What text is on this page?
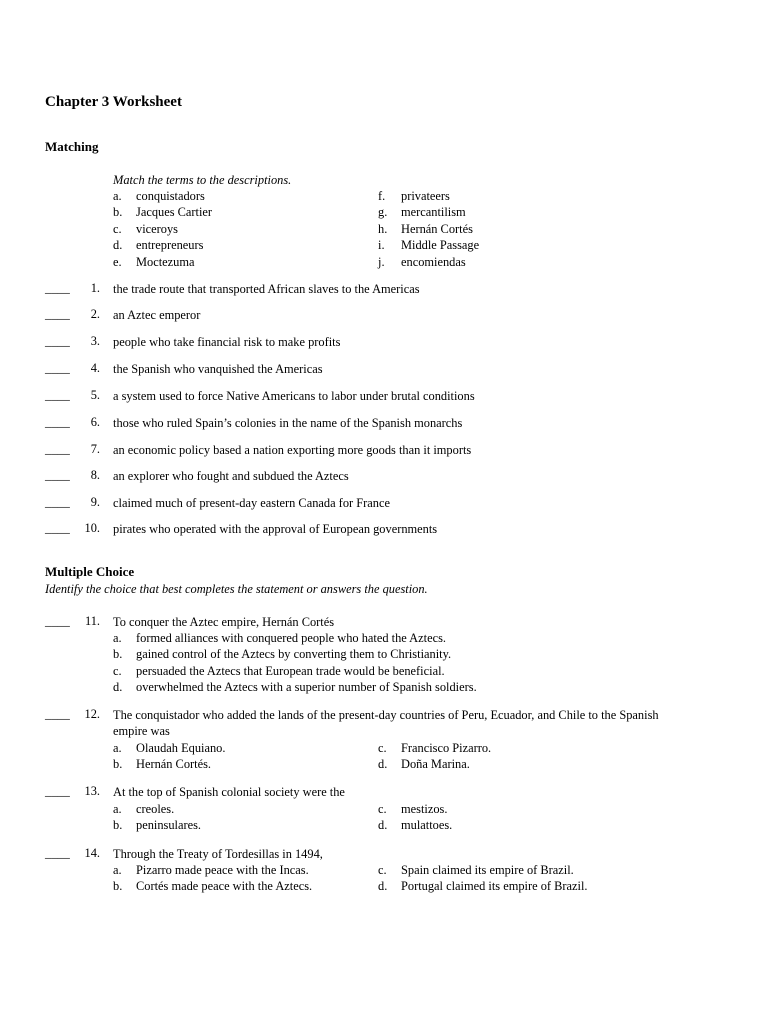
Chapter 3 Worksheet
Matching
Match the terms to the descriptions.
a. conquistadors
b. Jacques Cartier
c. viceroys
d. entrepreneurs
e. Moctezuma
f. privateers
g. mercantilism
h. Hernán Cortés
i. Middle Passage
j. encomiendas
____	1. the trade route that transported African slaves to the Americas
____	2. an Aztec emperor
____	3. people who take financial risk to make profits
____	4. the Spanish who vanquished the Americas
____	5. a system used to force Native Americans to labor under brutal conditions
____	6. those who ruled Spain’s colonies in the name of the Spanish monarchs
____	7. an economic policy based a nation exporting more goods than it imports
____	8. an explorer who fought and subdued the Aztecs
____	9. claimed much of present-day eastern Canada for France
____	10. pirates who operated with the approval of European governments
Multiple Choice
Identify the choice that best completes the statement or answers the question.
____	11. To conquer the Aztec empire, Hernán Cortés
a. formed alliances with conquered people who hated the Aztecs.
b. gained control of the Aztecs by converting them to Christianity.
c. persuaded the Aztecs that European trade would be beneficial.
d. overwhelmed the Aztecs with a superior number of Spanish soldiers.
____	12. The conquistador who added the lands of the present-day countries of Peru, Ecuador, and Chile to the Spanish
empire was
a. Olaudah Equiano.
b. Hernán Cortés.
c. Francisco Pizarro.
d. Doña Marina.
____	13. At the top of Spanish colonial society were the
a. creoles.
b. peninsulares.
c. mestizos.
d. mulattoes.
____	14. Through the Treaty of Tordesillas in 1494,
a. Pizarro made peace with the Incas.
b. Cortés made peace with the Aztecs.
c. Spain claimed its empire of Brazil.
d. Portugal claimed its empire of Brazil.
